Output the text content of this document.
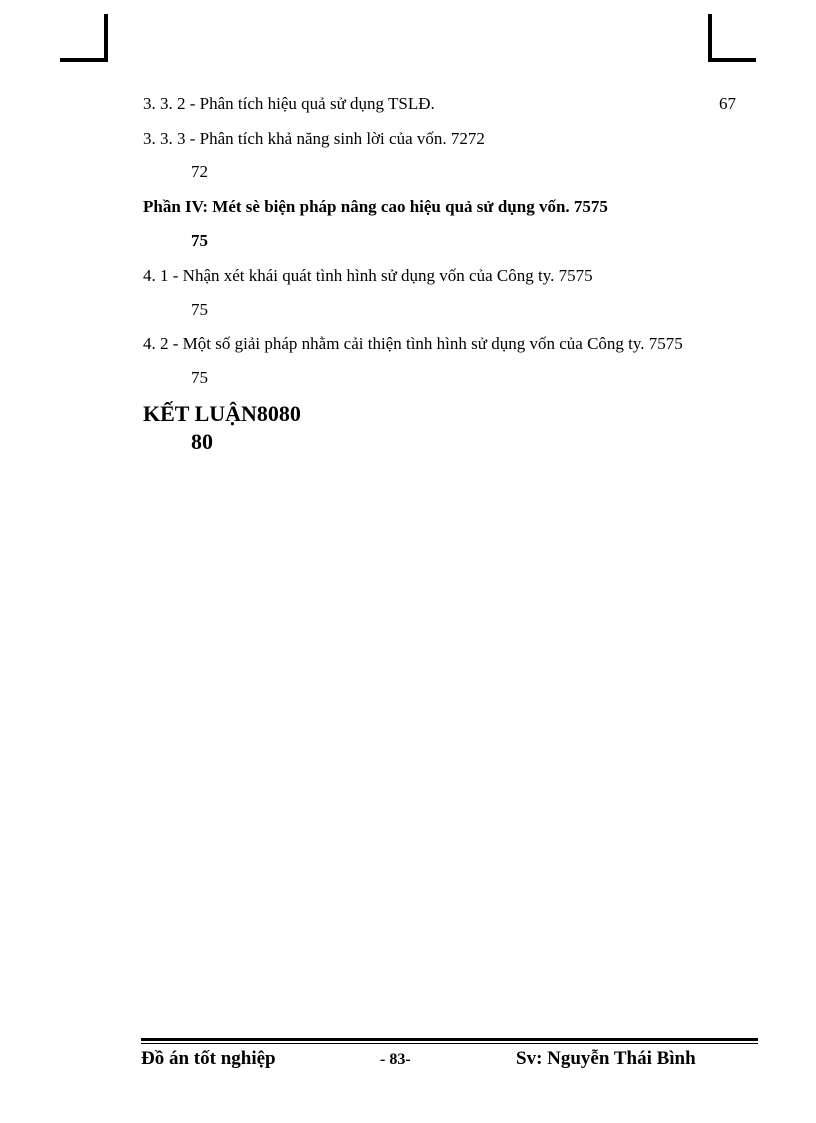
3. 3. 2 - Phân tích hiệu quả sử dụng TSLĐ.	67
3. 3. 3 - Phân tích khả năng sinh lời của vốn. 7272
72
Phần IV: Mét sè biện pháp nâng cao hiệu quả sử dụng vốn. 7575
75
4. 1 - Nhận xét khái quát tình hình sử dụng vốn của Công ty. 7575
75
4. 2 - Một số giải pháp nhằm cải thiện tình hình sử dụng vốn của Công ty. 7575
75
KẾT LUẬN8080
80
Đồ án tốt nghiệp	- 83-	Sv: Nguyễn Thái Bình
